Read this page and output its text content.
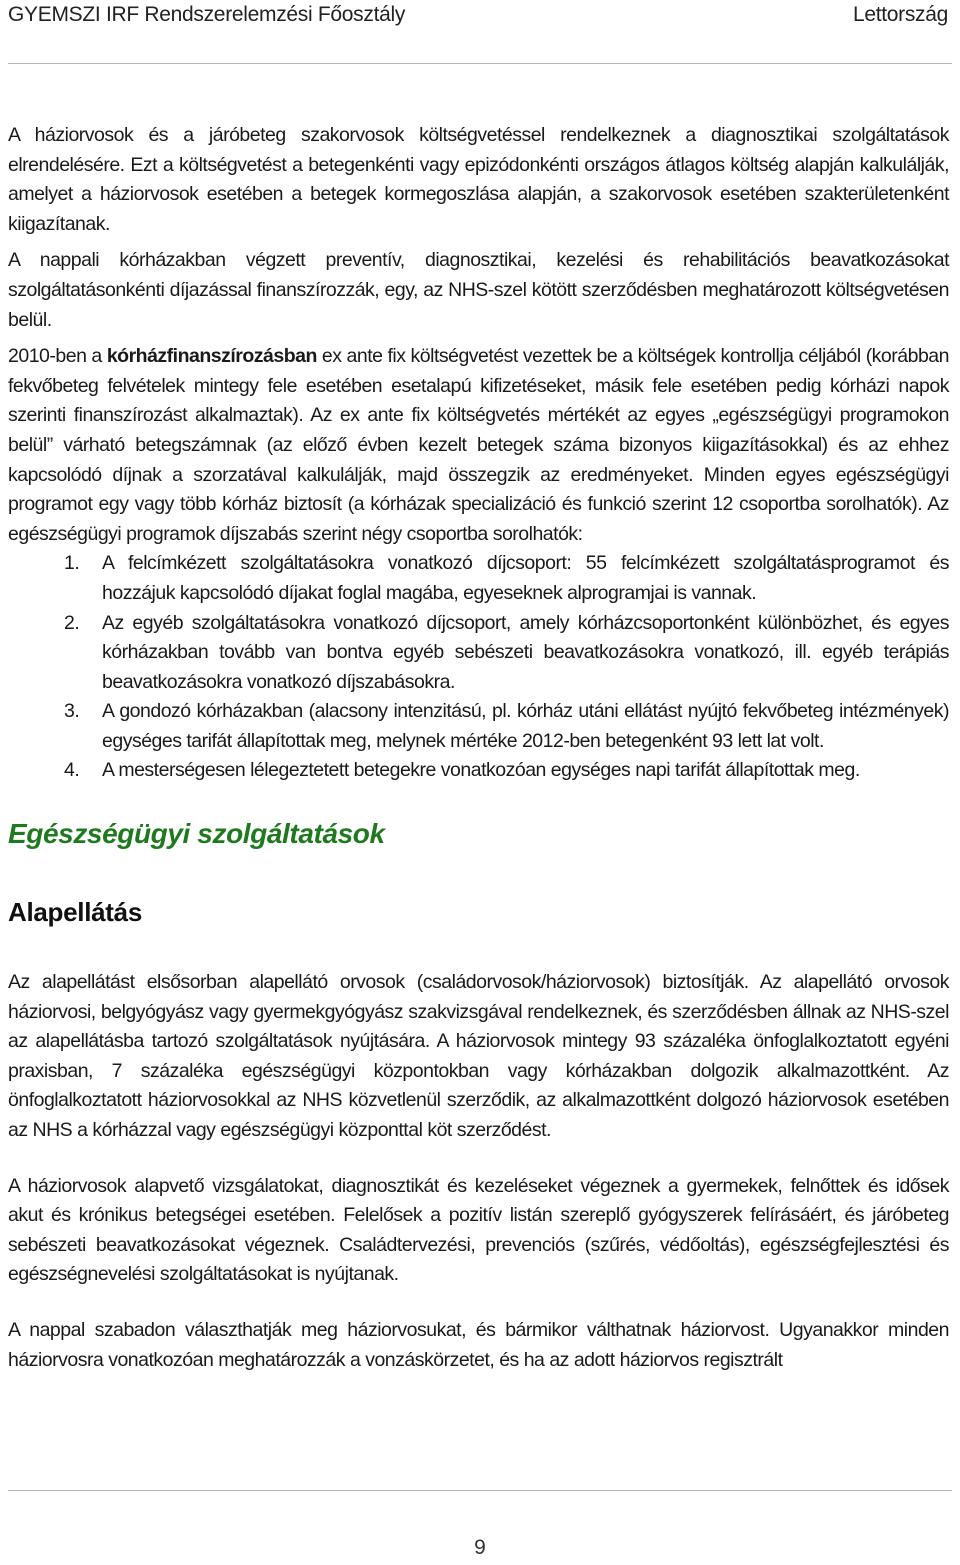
GYEMSZI IRF Rendszerelemzési Főosztály	Lettország

A háziorvosok és a járóbeteg szakorvosok költségvetéssel rendelkeznek a diagnosztikai szolgáltatások elrendelésére. Ezt a költségvetést a betegenkénti vagy epizódonkénti országos átlagos költség alapján kalkulálják, amelyet a háziorvosok esetében a betegek kormegoszlása alapján, a szakorvosok esetében szakterületenként kiigazítanak.

A nappali kórházakban végzett preventív, diagnosztikai, kezelési és rehabilitációs beavatkozásokat szolgáltatásonkénti díjazással finanszírozzák, egy, az NHS-szel kötött szerződésben meghatározott költségvetésen belül.

2010-ben a kórházfinanszírozásban ex ante fix költségvetést vezettek be a költségek kontrollja céljából (korábban fekvőbeteg felvételek mintegy fele esetében esetalapú kifizetéseket, másik fele esetében pedig kórházi napok szerinti finanszírozást alkalmaztak). Az ex ante fix költségvetés mértékét az egyes „egészségügyi programokon belül” várható betegszámnak (az előző évben kezelt betegek száma bizonyos kiigazításokkal) és az ehhez kapcsolódó díjnak a szorzatával kalkulálják, majd összegzik az eredményeket. Minden egyes egészségügyi programot egy vagy több kórház biztosít (a kórházak specializáció és funkció szerint 12 csoportba sorolhatók). Az egészségügyi programok díjszabás szerint négy csoportba sorolhatók:

1. A felcímkézett szolgáltatásokra vonatkozó díjcsoport: 55 felcímkézett szolgáltatásprogramot és hozzájuk kapcsolódó díjakat foglal magába, egyeseknek alprogramjai is vannak.
2. Az egyéb szolgáltatásokra vonatkozó díjcsoport, amely kórházcsoportonként különbözhet, és egyes kórházakban tovább van bontva egyéb sebészeti beavatkozásokra vonatkozó, ill. egyéb terápiás beavatkozásokra vonatkozó díjszabásokra.
3. A gondozó kórházakban (alacsony intenzitású, pl. kórház utáni ellátást nyújtó fekvőbeteg intézmények) egységes tarifát állapítottak meg, melynek mértéke 2012-ben betegenként 93 lett lat volt.
4. A mesterségesen lélegeztetett betegekre vonatkozóan egységes napi tarifát állapítottak meg.
Egészségügyi szolgáltatások
Alapellátás

Az alapellátást elsősorban alapellátó orvosok (családorvosok/háziorvosok) biztosítják. Az alapellátó orvosok háziorvosi, belgyógyász vagy gyermekgyógyász szakvizsgával rendelkeznek, és szerződésben állnak az NHS-szel az alapellátásba tartozó szolgáltatások nyújtására. A háziorvosok mintegy 93 százaléka önfoglalkoztatott egyéni praxisban, 7 százaléka egészségügyi központokban vagy kórházakban dolgozik alkalmazottként. Az önfoglalkoztatott háziorvosokkal az NHS közvetlenül szerződik, az alkalmazottként dolgozó háziorvosok esetében az NHS a kórházzal vagy egészségügyi központtal köt szerződést.

A háziorvosok alapvető vizsgálatokat, diagnosztikát és kezeléseket végeznek a gyermekek, felnőttek és idősek akut és krónikus betegségei esetében. Felelősek a pozitív listán szereplő gyógyszerek felírásáért, és járóbeteg sebészeti beavatkozásokat végeznek. Családtervezési, prevenciós (szűrés, védőoltás), egészségfejlesztési és egészségnevelési szolgáltatásokat is nyújtanak.

A nappal szabadon választhatják meg háziorvosukat, és bármikor válthatnak háziorvost. Ugyanakkor minden háziorvosra vonatkozóan meghatározzák a vonzáskörzetet, és ha az adott háziorvos regisztrált

9
